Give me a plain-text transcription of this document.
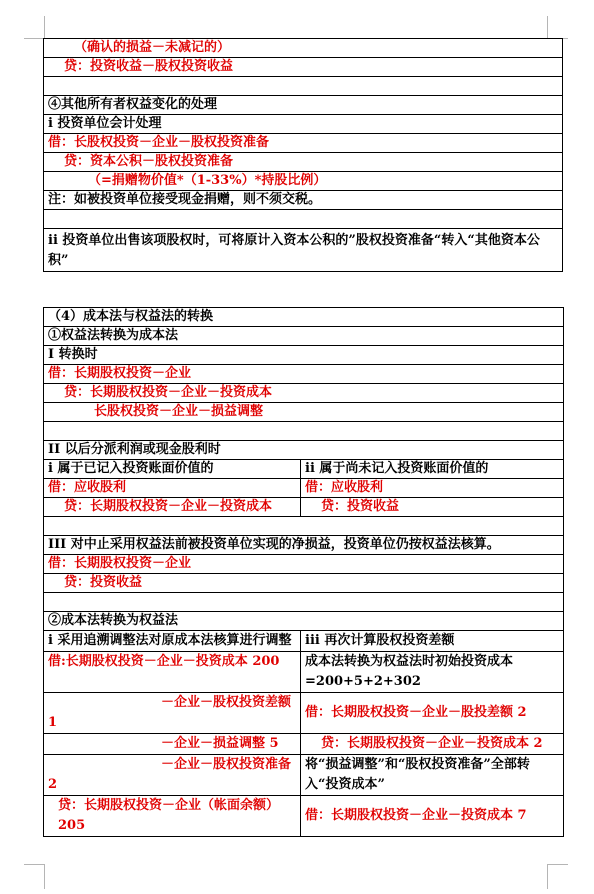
（确认的损益－未减记的）
贷：投资收益－股权投资收益

④其他所有者权益变化的处理
i 投资单位会计处理
借：长股权投资－企业－股权投资准备
贷：资本公积－股权投资准备
（=捐赠物价值*（1-33%）*持股比例）
注：如被投资单位接受现金捐赠，则不须交税。

ii 投资单位出售该项股权时，可将原计入资本公积的”股权投资准备“转入“其他资本公积”
（4）成本法与权益法的转换	
①权益法转换为成本法	
I 转换时	
借：长期股权投资－企业	
贷：长期股权投资－企业－投资成本	
长股权投资－企业－损益调整	

II 以后分派利润或现金股利时	
i 属于已记入投资账面价值的	ii 属于尚未记入投资账面价值的
借：应收股利	借：应收股利
贷：长期股权投资－企业－投资成本	贷：投资收益

III 对中止采用权益法前被投资单位实现的净损益，投资单位仍按权益法核算。	
借：长期股权投资－企业	
贷：投资收益	

②成本法转换为权益法	
i 采用追溯调整法对原成本法核算进行调整	iii 再次计算股权投资差额
借:长期股权投资－企业－投资成本 200	成本法转换为权益法时初始投资成本=200+5+2+302
－企业－股权投资差额 1	借：长期股权投资－企业－股投差额 2
－企业－损益调整 5	贷：长期股权投资－企业－投资成本 2
－企业－股权投资准备 2	将“损益调整”和“股权投资准备”全部转入“投资成本”
贷：长期股权投资－企业（帐面余额） 205	借：长期股权投资－企业－投资成本 7
